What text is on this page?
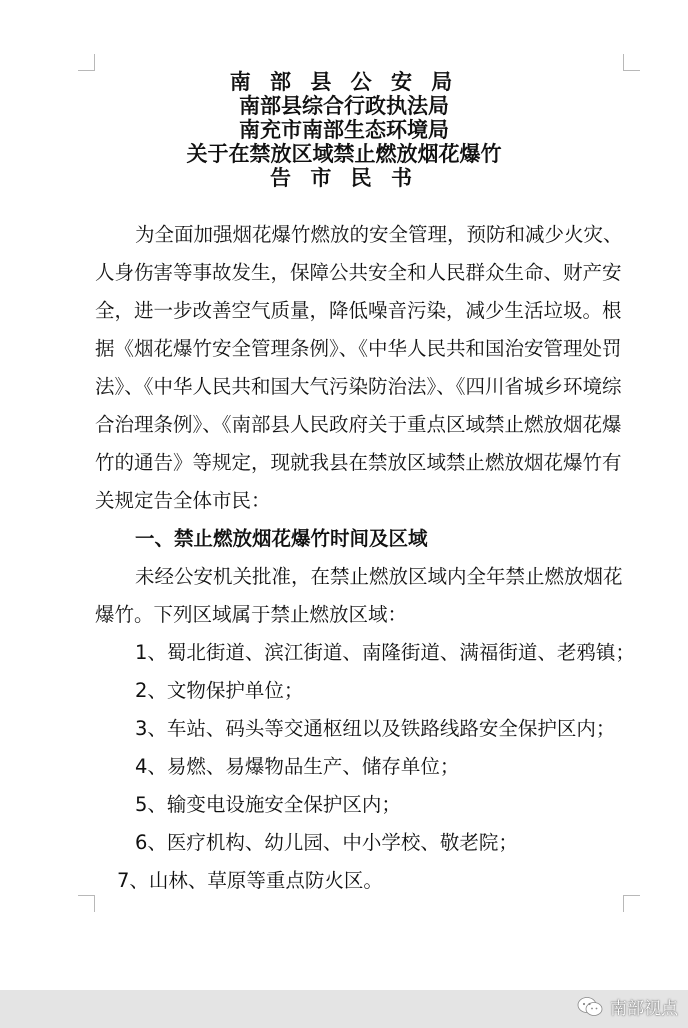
南 部 县 公 安 局
南部县综合行政执法局
南充市南部生态环境局
关于在禁放区域禁止燃放烟花爆竹
告 市 民 书

为全面加强烟花爆竹燃放的安全管理，预防和减少火灾、人身伤害等事故发生，保障公共安全和人民群众生命、财产安全，进一步改善空气质量，降低噪音污染，减少生活垃圾。根据《烟花爆竹安全管理条例》、《中华人民共和国治安管理处罚法》、《中华人民共和国大气污染防治法》、《四川省城乡环境综合治理条例》、《南部县人民政府关于重点区域禁止燃放烟花爆竹的通告》等规定，现就我县在禁放区域禁止燃放烟花爆竹有关规定告全体市民：

一、禁止燃放烟花爆竹时间及区域

未经公安机关批准，在禁止燃放区域内全年禁止燃放烟花爆竹。下列区域属于禁止燃放区域：

1、蜀北街道、滨江街道、南隆街道、满福街道、老鸦镇；

2、文物保护单位；

3、车站、码头等交通枢纽以及铁路线路安全保护区内；

4、易燃、易爆物品生产、储存单位；

5、输变电设施安全保护区内；

6、医疗机构、幼儿园、中小学校、敬老院；

7、山林、草原等重点防火区。

南部视点
